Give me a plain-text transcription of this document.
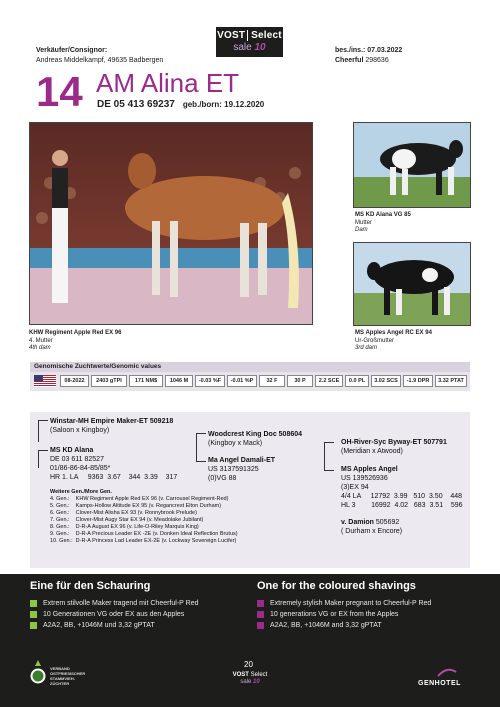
VOST Select
sale 10
Verkäufer/Consignor:
Andreas Middelkampf, 49635 Badbergen
bes./ins.: 07.03.2022
Cheerful 298636
14 AM Alina ET
DE 05 413 69237 geb./born: 19.12.2020
MS KD Alana VG 85
Mutter
Dam
KHW Regiment Apple Red EX 96
4. Mutter
4th dam
MS Apples Angel RC EX 94
Ur-Großmutter
3rd dam
Genomische Zuchtwerte/Genomic values
08-2022	2403 gTPI	171 NM$	1046 M	-0.03 %F	-0.01 %P	32 F	30 P	2.2 SCE	0.0 PL	3.02 SCS	-1.9 DPR	3.32 PTAT
Winstar-MH Empire Maker-ET 509218
(Saloon x Kingboy)
Woodcrest King Doc 508604
(Kingboy x Mack)	OH-River-Syc Byway-ET 507791
(Meridian x Atwood)
MS KD Alana
DE 03 611 82527
01/86-86-84-85/85*
HR 1. LA     9363  3.67    344  3.39    317
Ma Angel Damali-ET
US 3137591325
(0)VG 88
MS Apples Angel
US 139526936
(3)EX 94
4/4 LA     12792  3.99   510  3.50    448
HL 3        16992  4.02   683  3.51    596
v. Damion 505692
( Durham x Encore)
Weitere Gen./More Gen.
4. Gen.:    KHW Regiment Apple Red EX 96 (v. Carrousel Regiment-Red)
5. Gen.:    Kamps-Hollow Altitude EX 95 (v. Regancrest Elton Durham)
6. Gen.:    Clover-Mist Alisha EX 93 (v. Ronnybrook Prelude)
7. Gen.:    Clover-Mist Augy Star EX 94 (v. Meadolake Jubilant)
8. Gen.:    D-R-A August EX 96 (v. Life-O-Riley Marquis King)
9. Gen.:    D-R-A Precious Leader EX -2E (v. Donken Ideal Reflection Brutus)
10. Gen.:  D-R-A Princess Lad Leader EX-2E (v. Lockway Sovereign Lucifer)
Eine für den Schauring	One for the coloured shavings
Extrem stilvolle Maker tragend mit Cheerful-P Red
10 Generationen VG oder EX aus den Apples
A2A2, BB, +1046M und 3,32 gPTAT
Extremely stylish Maker pregnant to Cheerful-P Red
10 generations VG or EX from the Apples
A2A2, BB, +1046M and 3,32 gPTAT
VERBAND
OSTFRIESISCHER
STAMMVIEH-
ZÜCHTER
20
VOST Select
sale 10	GENHOTEL
